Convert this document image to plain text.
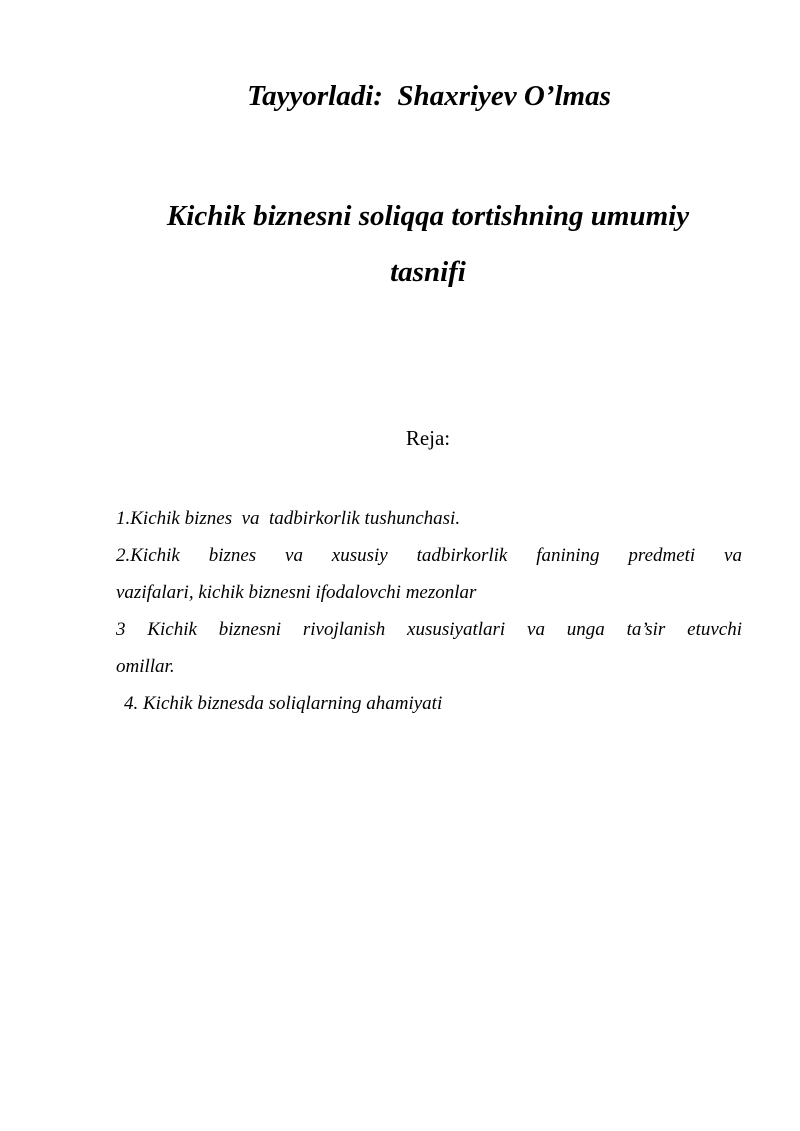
Tayyorladi:  Shaxriyev O’lmas
Kichik biznesni soliqqa tortishning umumiy
tasnifi
Reja:
1.Kichik biznes  va  tadbirkorlik tushunchasi.
2.Kichik biznes va xususiy tadbirkorlik fanining predmeti va
vazifalari, kichik biznesni ifodalovchi mezonlar
3 Kichik biznesni rivojlanish xususiyatlari va unga ta’sir etuvchi
omillar.
4. Kichik biznesda soliqlarning ahamiyati
